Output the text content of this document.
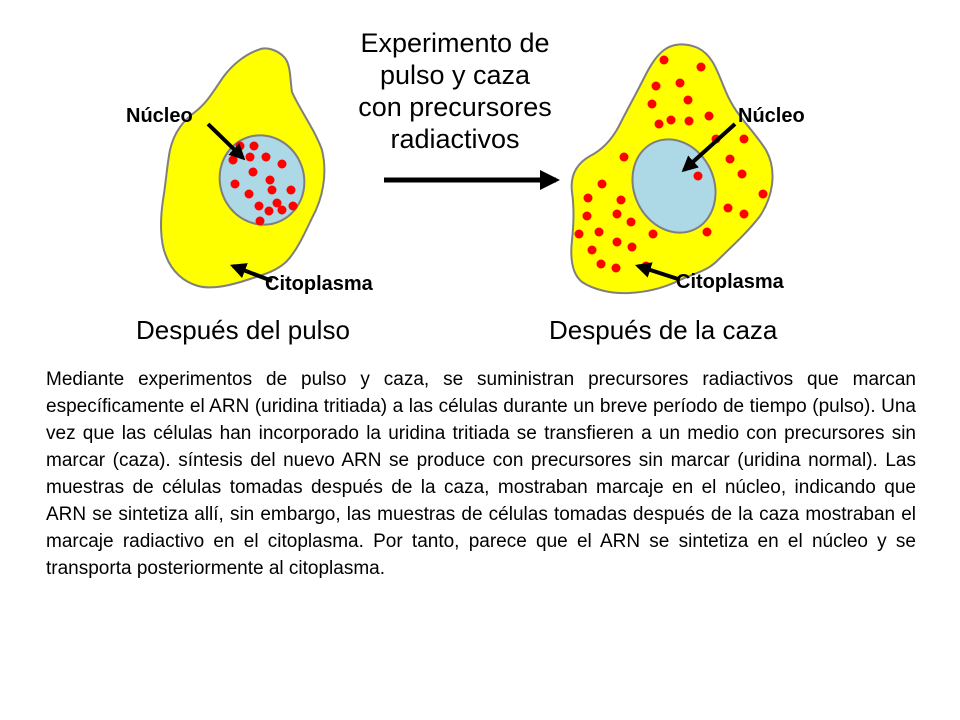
Núcleo
Citoplasma
Después del pulso
Experimento de
pulso y caza
con precursores
radiactivos
Núcleo
Citoplasma
Después de la caza

Mediante experimentos de pulso y caza, se suministran precursores radiactivos que marcan específicamente el ARN (uridina tritiada) a las células durante un breve período de tiempo (pulso). Una vez que las células han incorporado la uridina tritiada se transfieren a un medio con precursores sin marcar (caza). síntesis del nuevo ARN se produce con precursores sin marcar (uridina normal). Las muestras de células tomadas después de la caza, mostraban marcaje en el núcleo, indicando que ARN se sintetiza allí, sin embargo, las muestras de células tomadas después de la caza mostraban el marcaje radiactivo en el citoplasma. Por tanto, parece que el ARN se sintetiza en el núcleo y se transporta posteriormente al citoplasma.
